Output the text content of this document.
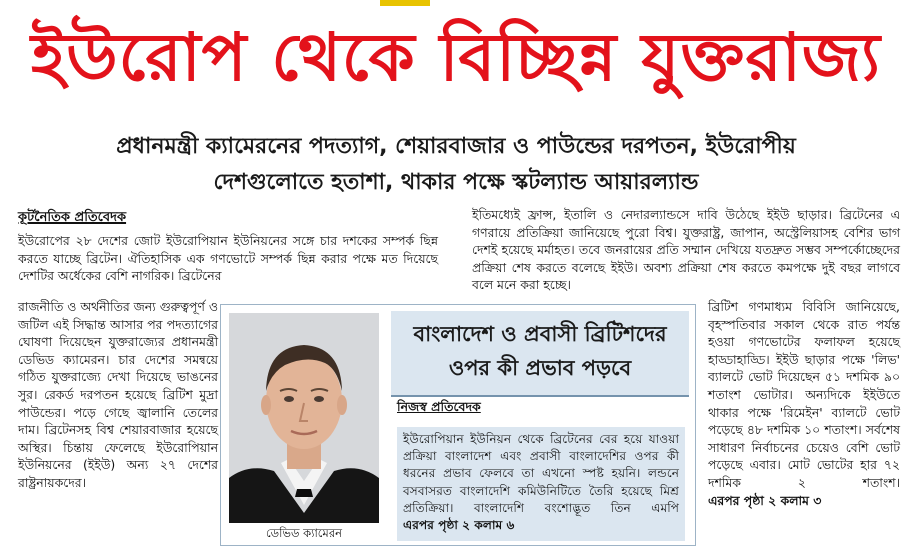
ইউরোপ থেকে বিচ্ছিন্ন যুক্তরাজ্য
প্রধানমন্ত্রী ক্যামেরনের পদত্যাগ, শেয়ারবাজার ও পাউন্ডের দরপতন, ইউরোপীয়
দেশগুলোতে হতাশা, থাকার পক্ষে স্কটল্যান্ড আয়ারল্যান্ড
কূটনৈতিক প্রতিবেদক
ইউরোপের ২৮ দেশের জোট ইউরোপিয়ান ইউনিয়নের সঙ্গে চার দশকের সম্পর্ক ছিন্ন করতে যাচ্ছে ব্রিটেন। ঐতিহাসিক এক গণভোটে সম্পর্ক ছিন্ন করার পক্ষে মত দিয়েছে দেশটির অর্ধেকের বেশি নাগরিক। ব্রিটেনের
ইতিমধ্যেই ফ্রান্স, ইতালি ও নেদারল্যান্ডসে দাবি উঠেছে ইইউ ছাড়ার। ব্রিটেনের এ গণরায়ে প্রতিক্রিয়া জানিয়েছে পুরো বিশ্ব। যুক্তরাষ্ট্র, জাপান, অস্ট্রেলিয়াসহ বেশির ভাগ দেশই হয়েছে মর্মাহত। তবে জনরায়ের প্রতি সম্মান দেখিয়ে যতদ্রুত সম্ভব সম্পর্কোচ্ছেদের প্রক্রিয়া শেষ করতে বলেছে ইইউ। অবশ্য প্রক্রিয়া শেষ করতে কমপক্ষে দুই বছর লাগবে বলে মনে করা হচ্ছে।
রাজনীতি ও অর্থনীতির জন্য গুরুত্বপূর্ণ ও জটিল এই সিদ্ধান্ত আসার পর পদত্যাগের ঘোষণা দিয়েছেন যুক্তরাজ্যের প্রধানমন্ত্রী ডেভিড ক্যামেরন। চার দেশের সমন্বয়ে গঠিত যুক্তরাজ্যে দেখা দিয়েছে ভাঙনের সুর। রেকর্ড দরপতন হয়েছে ব্রিটিশ মুদ্রা পাউন্ডের। পড়ে গেছে জ্বালানি তেলের দাম। ব্রিটেনসহ বিশ্ব শেয়ারবাজার হয়েছে অস্থির। চিন্তায় ফেলেছে ইউরোপিয়ান ইউনিয়নের (ইইউ) অন্য ২৭ দেশের রাষ্ট্রনায়কদের।
ব্রিটিশ গণমাধ্যম বিবিসি জানিয়েছে, বৃহস্পতিবার সকাল থেকে রাত পর্যন্ত হওয়া গণভোটের ফলাফল হয়েছে হাড্ডাহাড্ডি। ইইউ ছাড়ার পক্ষে 'লিভ' ব্যালটে ভোট দিয়েছেন ৫১ দশমিক ৯০ শতাংশ ভোটার। অন্যদিকে ইইউতে থাকার পক্ষে 'রিমেইন' ব্যালটে ভোট পড়েছে ৪৮ দশমিক ১০ শতাংশ। সর্বশেষ সাধারণ নির্বাচনের চেয়েও বেশি ভোট পড়েছে এবার। মোট ভোটের হার ৭২ দশমিক ২ শতাংশ। এরপর পৃষ্ঠা ২ কলাম ৩
ডেভিড ক্যামেরন
বাংলাদেশ ও প্রবাসী ব্রিটিশদের
ওপর কী প্রভাব পড়বে
নিজস্ব প্রতিবেদক
ইউরোপিয়ান ইউনিয়ন থেকে ব্রিটেনের বের হয়ে যাওয়া প্রক্রিয়া বাংলাদেশ এবং প্রবাসী বাংলাদেশির ওপর কী ধরনের প্রভাব ফেলবে তা এখনো স্পষ্ট হয়নি। লন্ডনে বসবাসরত বাংলাদেশি কমিউনিটিতে তৈরি হয়েছে মিশ্র প্রতিক্রিয়া। বাংলাদেশি বংশোদ্ভূত তিন এমপি এরপর পৃষ্ঠা ২ কলাম ৬
